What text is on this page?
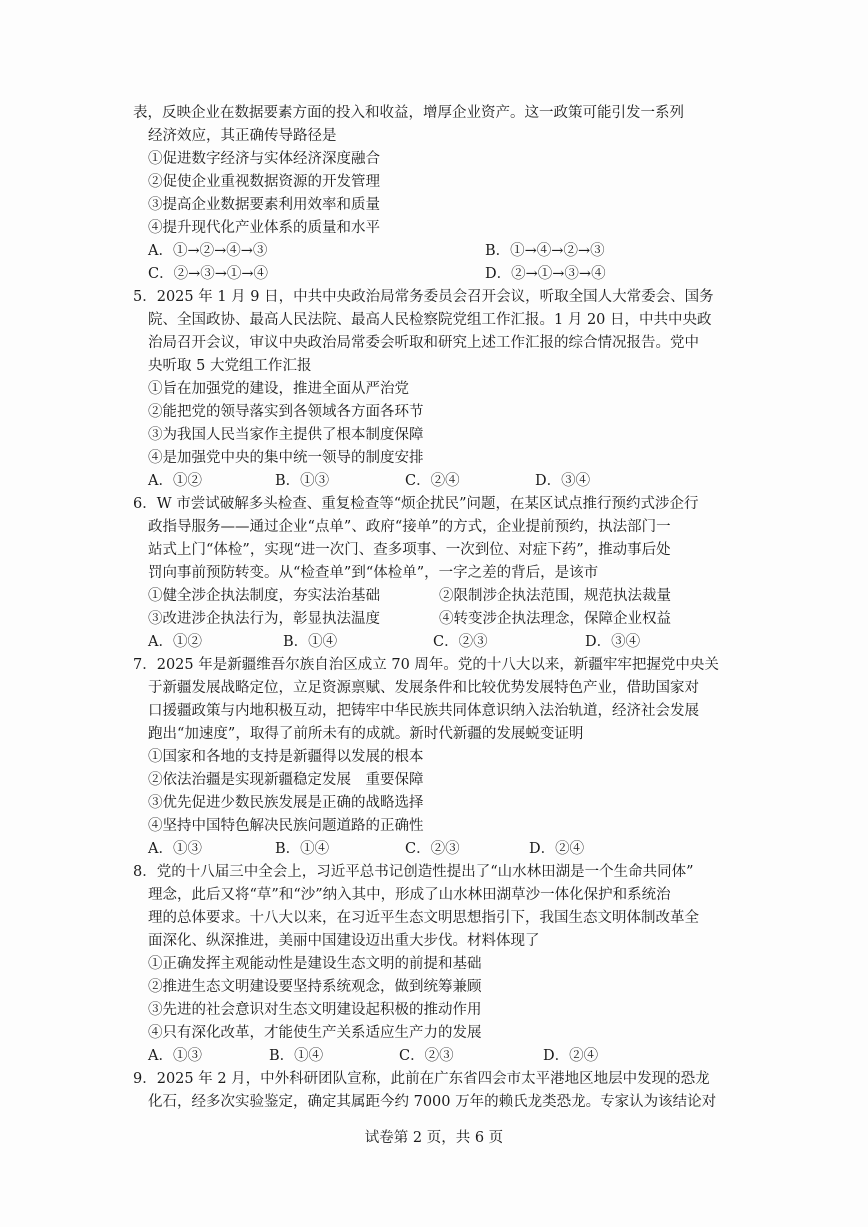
表，反映企业在数据要素方面的投入和收益，增厚企业资产。这一政策可能引发一系列
经济效应，其正确传导路径是
①促进数字经济与实体经济深度融合
②促使企业重视数据资源的开发管理
③提高企业数据要素利用效率和质量
④提升现代化产业体系的质量和水平
A．①→②→④→③	B．①→④→②→③
C．②→③→①→④	D．②→①→③→④
5．2025 年 1 月 9 日，中共中央政治局常务委员会召开会议，听取全国人大常委会、国务
院、全国政协、最高人民法院、最高人民检察院党组工作汇报。1 月 20 日，中共中央政
治局召开会议，审议中央政治局常委会听取和研究上述工作汇报的综合情况报告。党中
央听取 5 大党组工作汇报
①旨在加强党的建设，推进全面从严治党
②能把党的领导落实到各领域各方面各环节
③为我国人民当家作主提供了根本制度保障
④是加强党中央的集中统一领导的制度安排
A．①②	B．①③	C．②④	D．③④
6．W 市尝试破解多头检查、重复检查等“烦企扰民”问题，在某区试点推行预约式涉企行
政指导服务——通过企业“点单”、政府“接单”的方式，企业提前预约，执法部门一
站式上门“体检”，实现“进一次门、查多项事、一次到位、对症下药”，推动事后处
罚向事前预防转变。从“检查单”到“体检单”，一字之差的背后，是该市
①健全涉企执法制度，夯实法治基础	②限制涉企执法范围，规范执法裁量
③改进涉企执法行为，彰显执法温度	④转变涉企执法理念，保障企业权益
A．①②	B．①④	C．②③	D．③④
7．2025 年是新疆维吾尔族自治区成立 70 周年。党的十八大以来，新疆牢牢把握党中央关
于新疆发展战略定位，立足资源禀赋、发展条件和比较优势发展特色产业，借助国家对
口援疆政策与内地积极互动，把铸牢中华民族共同体意识纳入法治轨道，经济社会发展
跑出“加速度”，取得了前所未有的成就。新时代新疆的发展蜕变证明
①国家和各地的支持是新疆得以发展的根本
②依法治疆是实现新疆稳定发展　重要保障
③优先促进少数民族发展是正确的战略选择
④坚持中国特色解决民族问题道路的正确性
A．①③	B．①④	C．②③	D．②④
8．党的十八届三中全会上，习近平总书记创造性提出了“山水林田湖是一个生命共同体”
理念，此后又将“草”和“沙”纳入其中，形成了山水林田湖草沙一体化保护和系统治
理的总体要求。十八大以来，在习近平生态文明思想指引下，我国生态文明体制改革全
面深化、纵深推进，美丽中国建设迈出重大步伐。材料体现了
①正确发挥主观能动性是建设生态文明的前提和基础
②推进生态文明建设要坚持系统观念，做到统筹兼顾
③先进的社会意识对生态文明建设起积极的推动作用
④只有深化改革，才能使生产关系适应生产力的发展
A．①③	B．①④	C．②③	D．②④
9．2025 年 2 月，中外科研团队宣称，此前在广东省四会市太平港地区地层中发现的恐龙
化石，经多次实验鉴定，确定其属距今约 7000 万年的赖氏龙类恐龙。专家认为该结论对
试卷第 2 页，共 6 页
